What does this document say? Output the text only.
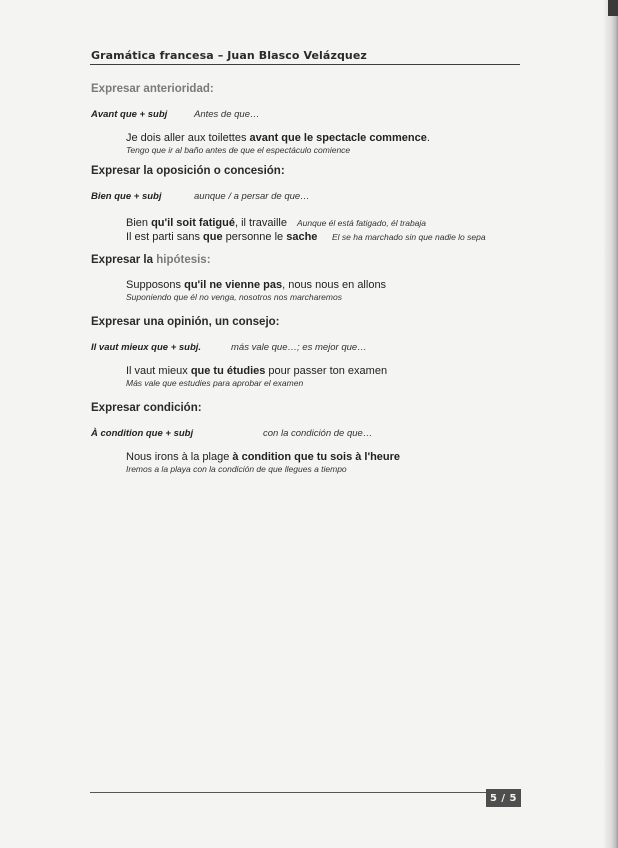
Gramática francesa – Juan Blasco Velázquez
Expresar anterioridad:
Avant que + subj	Antes de que…
Je dois aller aux toilettes avant que le spectacle commence.
Tengo que ir al baño antes de que el espectáculo comience
Expresar la oposición o concesión:
Bien que + subj	aunque / a persar de que…
Bien qu'il soit fatigué, il travaille	Aunque él está fatigado, él trabaja
Il est parti sans que personne le sache	El se ha marchado sin que nadie lo sepa
Expresar la hipótesis:
Supposons qu'il ne vienne pas, nous nous en allons
Suponiendo que él no venga, nosotros nos marcharemos
Expresar una opinión, un consejo:
Il vaut mieux que + subj.	más vale que…; es mejor que…
Il vaut mieux que tu étudies pour passer ton examen
Más vale que estudies para aprobar el examen
Expresar condición:
À condition que + subj	con la condición de que…
Nous irons à la plage à condition que tu sois à l'heure
Iremos a la playa con la condición de que llegues a tiempo
5 / 5
